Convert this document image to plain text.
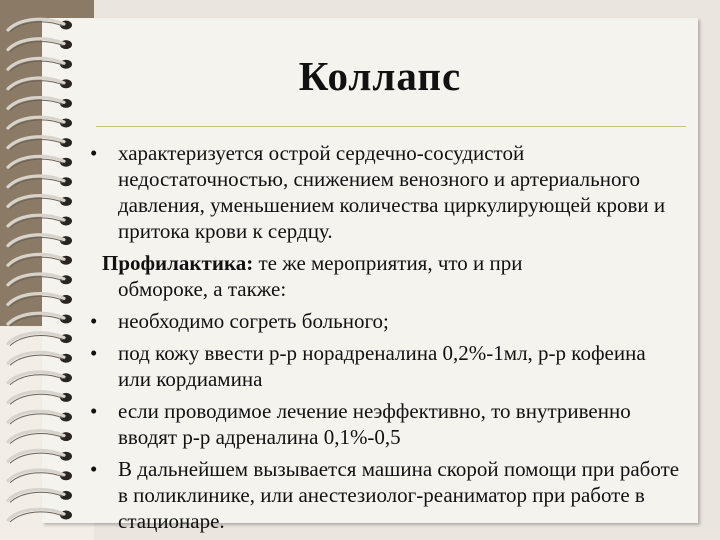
Коллапс
• характеризуется острой сердечно-сосудистой недостаточностью, снижением венозного и артериального давления, уменьшением количества циркулирующей крови и притока крови к сердцу.
Профилактика: те же мероприятия, что и при
обмороке, а также:
• необходимо согреть больного;
• под кожу ввести р-р норадреналина 0,2%-1мл, р-р кофеина или кордиамина
• если проводимое лечение неэффективно, то внутривенно вводят р-р адреналина 0,1%-0,5
• В дальнейшем вызывается машина скорой помощи при работе в поликлинике, или анестезиолог-реаниматор при работе в стационаре.
